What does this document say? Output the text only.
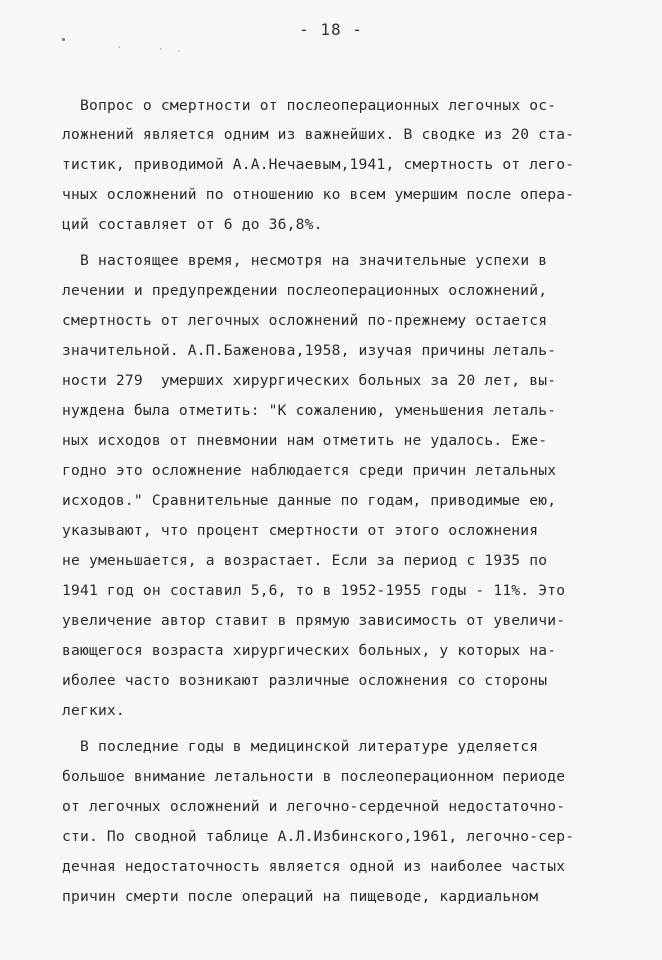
- 18 -
Вопрос о смертности от послеоперационных легочных ос-
ложнений является одним из важнейших. В сводке из 20 ста-
тистик, приводимой А.А.Нечаевым,1941, смертность от лего-
чных осложнений по отношению ко всем умершим после опера-
ций составляет от 6 до 36,8%.
В настоящее время, несмотря на значительные успехи в
лечении и предупреждении послеоперационных осложнений,
смертность от легочных осложнений по-прежнему остается
значительной. А.П.Баженова,1958, изучая причины леталь-
ности 279  умерших хирургических больных за 20 лет, вы-
нуждена была отметить: "К сожалению, уменьшения леталь-
ных исходов от пневмонии нам отметить не удалось. Еже-
годно это осложнение наблюдается среди причин летальных
исходов." Сравнительные данные по годам, приводимые ею,
указывают, что процент смертности от этого осложнения
не уменьшается, а возрастает. Если за период с 1935 по
1941 год он составил 5,6, то в 1952-1955 годы - 11%. Это
увеличение автор ставит в прямую зависимость от увеличи-
вающегося возраста хирургических больных, у которых на-
иболее часто возникают различные осложнения со стороны
легких.
В последние годы в медицинской литературе уделяется
большое внимание летальности в послеоперационном периоде
от легочных осложнений и легочно-сердечной недостаточно-
сти. По сводной таблице А.Л.Избинского,1961, легочно-сер-
дечная недостаточность является одной из наиболее частых
причин смерти после операций на пищеводе, кардиальном
